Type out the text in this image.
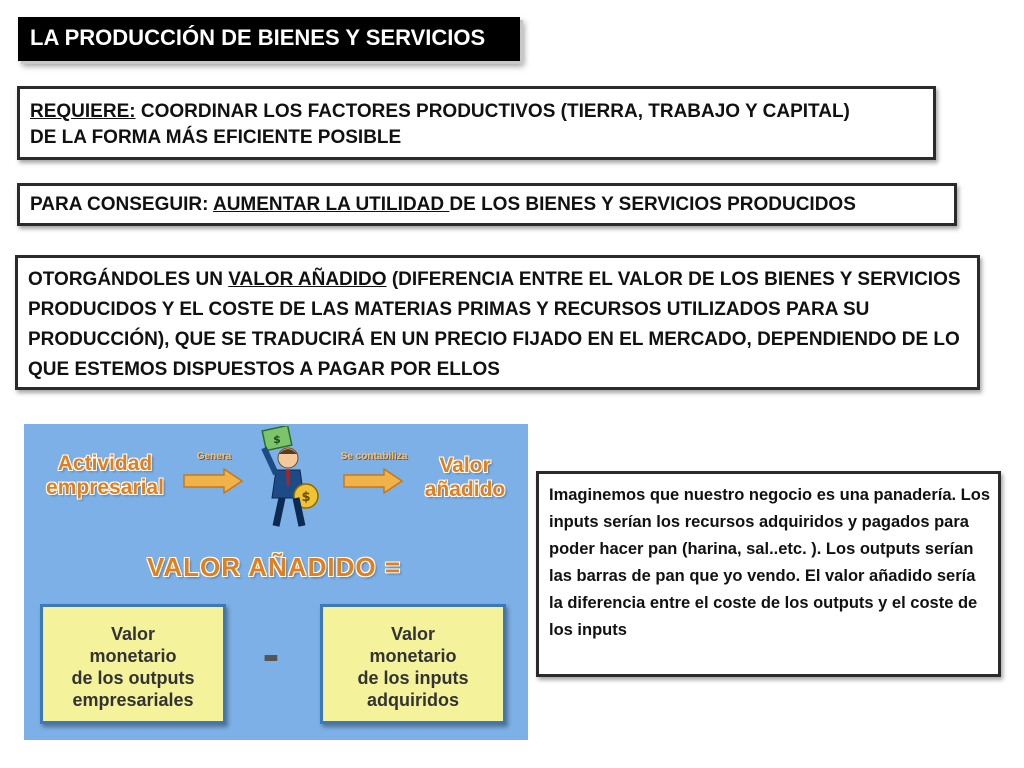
LA PRODUCCIÓN DE BIENES Y SERVICIOS
REQUIERE: COORDINAR LOS FACTORES PRODUCTIVOS (TIERRA, TRABAJO Y CAPITAL)
DE LA FORMA MÁS EFICIENTE POSIBLE
PARA CONSEGUIR: AUMENTAR LA UTILIDAD DE LOS BIENES Y SERVICIOS PRODUCIDOS
OTORGÁNDOLES UN VALOR AÑADIDO (DIFERENCIA ENTRE EL VALOR DE LOS BIENES Y SERVICIOS PRODUCIDOS Y EL COSTE DE LAS MATERIAS PRIMAS Y RECURSOS UTILIZADOS PARA SU PRODUCCIÓN), QUE SE TRADUCIRÁ EN UN PRECIO FIJADO EN EL MERCADO, DEPENDIENDO DE LO QUE ESTEMOS DISPUESTOS A PAGAR POR ELLOS
Actividad
empresarial
Genera
$
$
Se contabiliza	Valor
añadido
VALOR AÑADIDO =
Valor
monetario
de los outputs
empresariales
-	Valor
monetario
de los inputs
adquiridos
Imaginemos que nuestro negocio es una panadería. Los inputs serían los recursos adquiridos y pagados para poder hacer pan (harina, sal..etc. ). Los outputs serían las barras de pan que yo vendo. El valor añadido sería la diferencia entre el coste de los outputs y el coste de los inputs
